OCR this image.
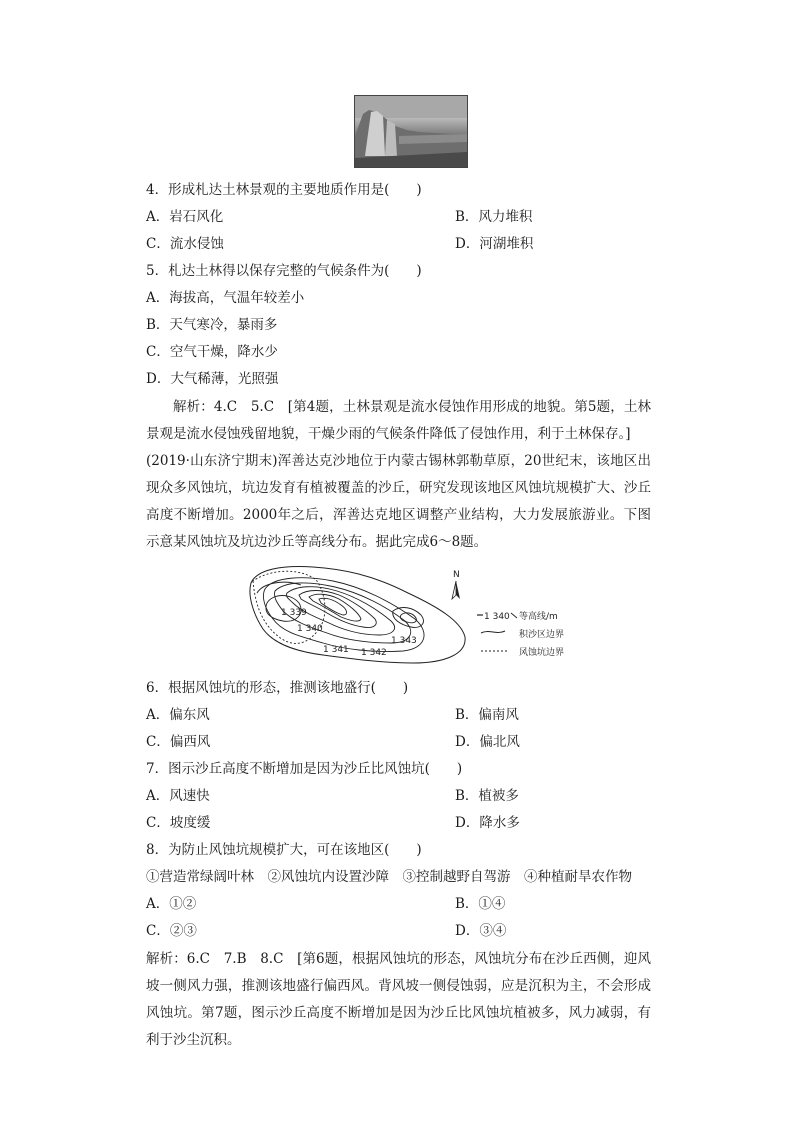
4．形成札达土林景观的主要地质作用是(　　)
A．岩石风化	B．风力堆积
C．流水侵蚀	D．河湖堆积
5．札达土林得以保存完整的气候条件为(　　)
A．海拔高，气温年较差小
B．天气寒冷，暴雨多
C．空气干燥，降水少
D．大气稀薄，光照强
解析：4.C　5.C　[第4题，土林景观是流水侵蚀作用形成的地貌。第5题，土林景观是流水侵蚀残留地貌，干燥少雨的气候条件降低了侵蚀作用，利于土林保存。]
(2019·山东济宁期末)浑善达克沙地位于内蒙古锡林郭勒草原，20世纪末，该地区出现众多风蚀坑，坑边发育有植被覆盖的沙丘，研究发现该地区风蚀坑规模扩大、沙丘高度不断增加。2000年之后，浑善达克地区调整产业结构，大力发展旅游业。下图示意某风蚀坑及坑边沙丘等高线分布。据此完成6～8题。
1 339
1 340
1 341 1 342
1 343
N
1 340 等高线/m
积沙区边界
风蚀坑边界
6．根据风蚀坑的形态，推测该地盛行(　　)
A．偏东风	B．偏南风
C．偏西风	D．偏北风
7．图示沙丘高度不断增加是因为沙丘比风蚀坑(　　)
A．风速快	B．植被多
C．坡度缓	D．降水多
8．为防止风蚀坑规模扩大，可在该地区(　　)
①营造常绿阔叶林　②风蚀坑内设置沙障　③控制越野自驾游　④种植耐旱农作物
A．①②	B．①④
C．②③	D．③④
解析：6.C　7.B　8.C　[第6题，根据风蚀坑的形态，风蚀坑分布在沙丘西侧，迎风坡一侧风力强，推测该地盛行偏西风。背风坡一侧侵蚀弱，应是沉积为主，不会形成风蚀坑。第7题，图示沙丘高度不断增加是因为沙丘比风蚀坑植被多，风力减弱，有利于沙尘沉积。
